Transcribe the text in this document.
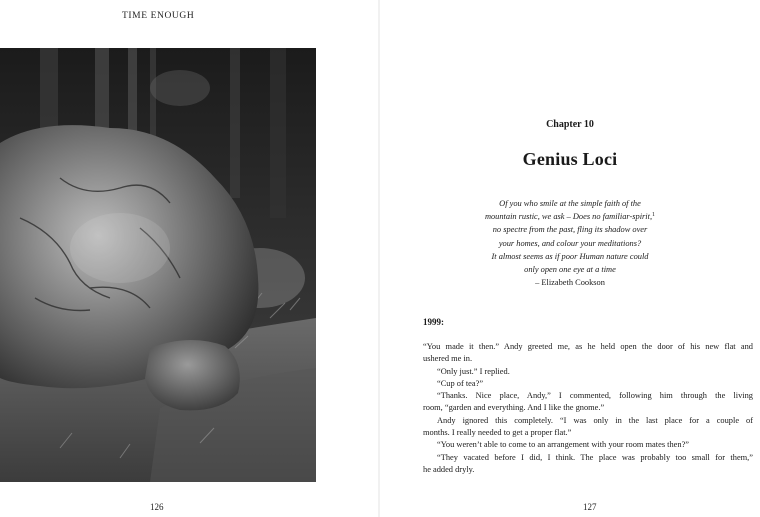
TIME ENOUGH
126
Chapter 10
Genius Loci
Of you who smile at the simple faith of the
mountain rustic, we ask – Does no familiar-spirit,$^1$
no spectre from the past, fling its shadow over
your homes, and colour your meditations?
It almost seems as if poor Human nature could
only open one eye at a time
– Elizabeth Cookson
1999:
“You made it then.” Andy greeted me, as he held open the door of his new flat and
ushered me in.
“Only just.” I replied.
“Cup of tea?”
“Thanks. Nice place, Andy,” I commented, following him through the living
room, “garden and everything. And I like the gnome.”
Andy ignored this completely. “I was only in the last place for a couple of
months. I really needed to get a proper flat.”
“You weren’t able to come to an arrangement with your room mates then?”
“They vacated before I did, I think. The place was probably too small for them,”
he added dryly.
127
